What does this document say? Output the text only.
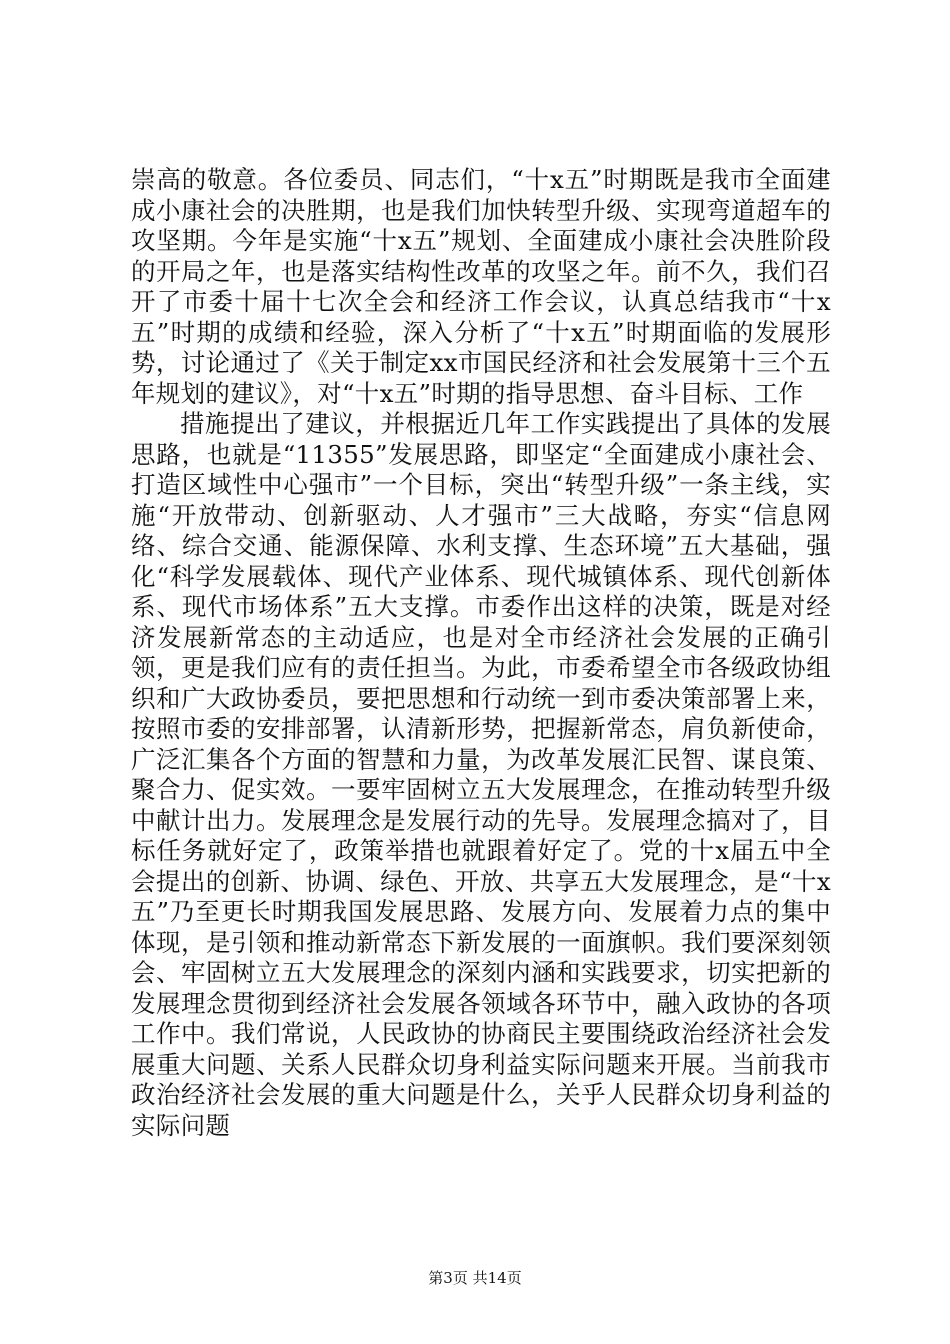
崇高的敬意。各位委员、同志们，“十x五”时期既是我市全面建成小康社会的决胜期，也是我们加快转型升级、实现弯道超车的攻坚期。今年是实施“十x五”规划、全面建成小康社会决胜阶段的开局之年，也是落实结构性改革的攻坚之年。前不久，我们召开了市委十届十七次全会和经济工作会议，认真总结我市“十x五”时期的成绩和经验，深入分析了“十x五”时期面临的发展形势，讨论通过了《关于制定xx市国民经济和社会发展第十三个五年规划的建议》，对“十x五”时期的指导思想、奋斗目标、工作

措施提出了建议，并根据近几年工作实践提出了具体的发展思路，也就是“11355”发展思路，即坚定“全面建成小康社会、打造区域性中心强市”一个目标，突出“转型升级”一条主线，实施“开放带动、创新驱动、人才强市”三大战略，夯实“信息网络、综合交通、能源保障、水利支撑、生态环境”五大基础，强化“科学发展载体、现代产业体系、现代城镇体系、现代创新体系、现代市场体系”五大支撑。市委作出这样的决策，既是对经济发展新常态的主动适应，也是对全市经济社会发展的正确引领，更是我们应有的责任担当。为此，市委希望全市各级政协组织和广大政协委员，要把思想和行动统一到市委决策部署上来，按照市委的安排部署，认清新形势，把握新常态，肩负新使命，广泛汇集各个方面的智慧和力量，为改革发展汇民智、谋良策、聚合力、促实效。一要牢固树立五大发展理念，在推动转型升级中献计出力。发展理念是发展行动的先导。发展理念搞对了，目标任务就好定了，政策举措也就跟着好定了。党的十x届五中全会提出的创新、协调、绿色、开放、共享五大发展理念，是“十x五”乃至更长时期我国发展思路、发展方向、发展着力点的集中体现，是引领和推动新常态下新发展的一面旗帜。我们要深刻领会、牢固树立五大发展理念的深刻内涵和实践要求，切实把新的发展理念贯彻到经济社会发展各领域各环节中，融入政协的各项工作中。我们常说，人民政协的协商民主要围绕政治经济社会发展重大问题、关系人民群众切身利益实际问题来开展。当前我市政治经济社会发展的重大问题是什么，关乎人民群众切身利益的实际问题

第3页 共14页
